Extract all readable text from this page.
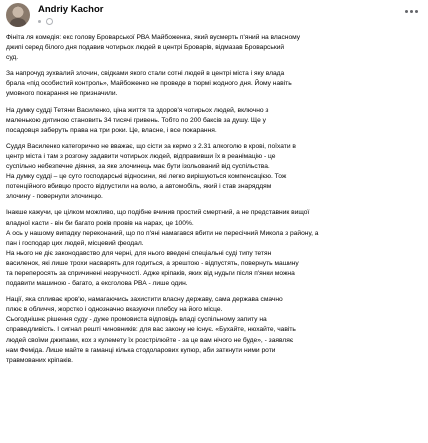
Andriy Kachor

Фініта ля комедія: екс голову Броварської РВА Майбоженка, який вусмерть п'яний на власному

джипі серед білого дня подавив чотирьох людей в центрі Броварів, відмазав Броварський

суд.

За напрочуд зухвалий злочин, свідками якого стали сотні людей в центрі міста і яку влада

брала «під особистий контроль», Майбоженко не проведе в тюрмі жодного дня. Йому навіть

умовного покарання не призначили.

На думку судді Тетяни Василенко, ціна життя та здоров'я чотирьох людей, включно з

маленькою дитиною становить 34 тисячі гривень. Тобто по 200 баксів за душу. Ще у

посадовця заберуть права на три роки. Це, власне, і все покарання.

Суддя Василенко категорично не вважає, що сісти за кермо з 2.31 алкоголю в крові, поїхати в

центр міста і там з розгону задавити чотирьох людей, відправивши їх в реанімацію - це

суспільно небезпечне діяння, за яке злочинець має бути ізольований від суспільства.

На думку судді – це суто господарські відносини, які легко вирішуються компенсацією. Тож

потенційного вбивцю просто відпустили на волю, а автомобіль, який і став знаряддям

злочину - повернули злочинцю.

Інакше кажучи, це цілком можливо, що подібне вчинив простий смертний, а не представник вищої

владної касти - він би багато років провів на нарах, це 100%.

А ось у нашому випадку переконаний, що по п'яні намагався вбити не пересічний Микола з району, а

пан і господар цих людей, місцевий феодал.

На нього не діє законодавство для черні, для нього введені спеціальні суді типу тетян

василенок, які лише трохи насварять для годиться, а зрештою - відпустять, повернуть машину

та переперосять за спричинені незручності. Адже кріпаків, яких від нудьги після п'янки можна

подавити машиною - багато, а ексголова РВА - лише один.

Нації, яка спливає кров'ю, намагаючись захистити власну державу, сама держава смачно

плює в обличчя, жорстко і однозначно вказуючи плебсу на його місце.

Сьогоднішнє рішення суду - дуже промовиста відповідь владі суспільному запиту на

справедливість. І сигнал решті чиновників: для вас закону не існує. «Бухайте, нюхайте, чавіть

людей своїми джипами, кох з кулемету їх розстрілюйте - за це вам нічого не буде», - заявляє

нам Феміда. Лише майте в гаманці кілька стодоларових купюр, аби заткнути ними роти

травмованих кріпаків.
